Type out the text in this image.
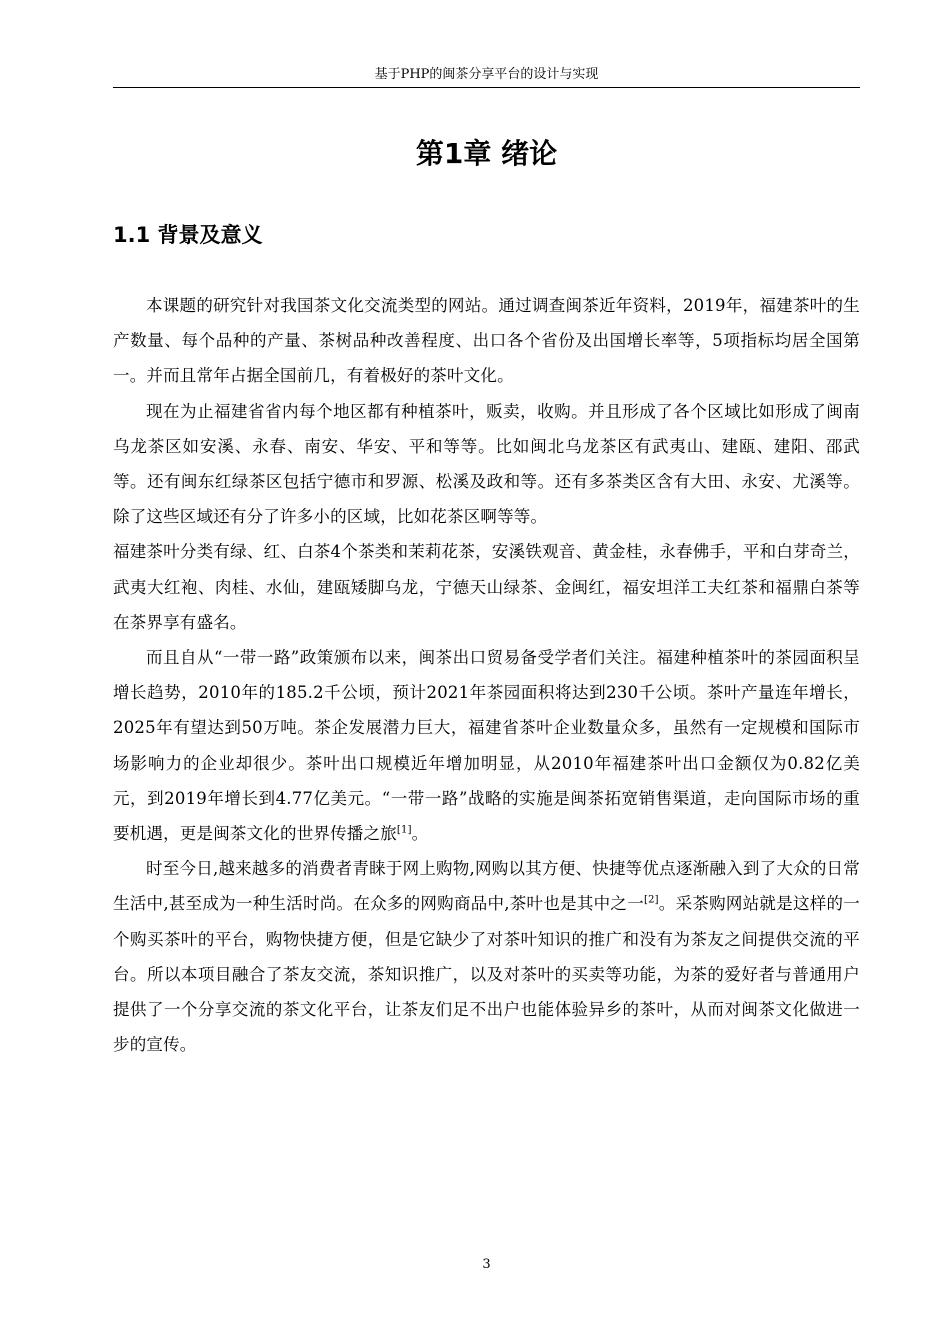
基于PHP的闽茶分享平台的设计与实现
第1章 绪论
1.1 背景及意义

本课题的研究针对我国茶文化交流类型的网站。通过调查闽茶近年资料，2019年，福建茶叶的生产数量、每个品种的产量、茶树品种改善程度、出口各个省份及出国增长率等，5项指标均居全国第一。并而且常年占据全国前几，有着极好的茶叶文化。

现在为止福建省省内每个地区都有种植茶叶，贩卖，收购。并且形成了各个区域比如形成了闽南乌龙茶区如安溪、永春、南安、华安、平和等等。比如闽北乌龙茶区有武夷山、建瓯、建阳、邵武等。还有闽东红绿茶区包括宁德市和罗源、松溪及政和等。还有多茶类区含有大田、永安、尤溪等。除了这些区域还有分了许多小的区域，比如花茶区啊等等。

福建茶叶分类有绿、红、白茶4个茶类和茉莉花茶，安溪铁观音、黄金桂，永春佛手，平和白芽奇兰，武夷大红袍、肉桂、水仙，建瓯矮脚乌龙，宁德天山绿茶、金闽红，福安坦洋工夫红茶和福鼎白茶等在茶界享有盛名。

而且自从“一带一路”政策颁布以来，闽茶出口贸易备受学者们关注。福建种植茶叶的茶园面积呈增长趋势，2010年的185.2千公顷，预计2021年茶园面积将达到230千公顷。茶叶产量连年增长，2025年有望达到50万吨。茶企发展潜力巨大，福建省茶叶企业数量众多，虽然有一定规模和国际市场影响力的企业却很少。茶叶出口规模近年增加明显，从2010年福建茶叶出口金额仅为0.82亿美元，到2019年增长到4.77亿美元。“一带一路”战略的实施是闽茶拓宽销售渠道，走向国际市场的重要机遇，更是闽茶文化的世界传播之旅[1]。

时至今日,越来越多的消费者青睐于网上购物,网购以其方便、快捷等优点逐渐融入到了大众的日常生活中,甚至成为一种生活时尚。在众多的网购商品中,茶叶也是其中之一[2]。采茶购网站就是这样的一个购买茶叶的平台，购物快捷方便，但是它缺少了对茶叶知识的推广和没有为茶友之间提供交流的平台。所以本项目融合了茶友交流，茶知识推广，以及对茶叶的买卖等功能，为茶的爱好者与普通用户提供了一个分享交流的茶文化平台，让茶友们足不出户也能体验异乡的茶叶，从而对闽茶文化做进一步的宣传。

3
